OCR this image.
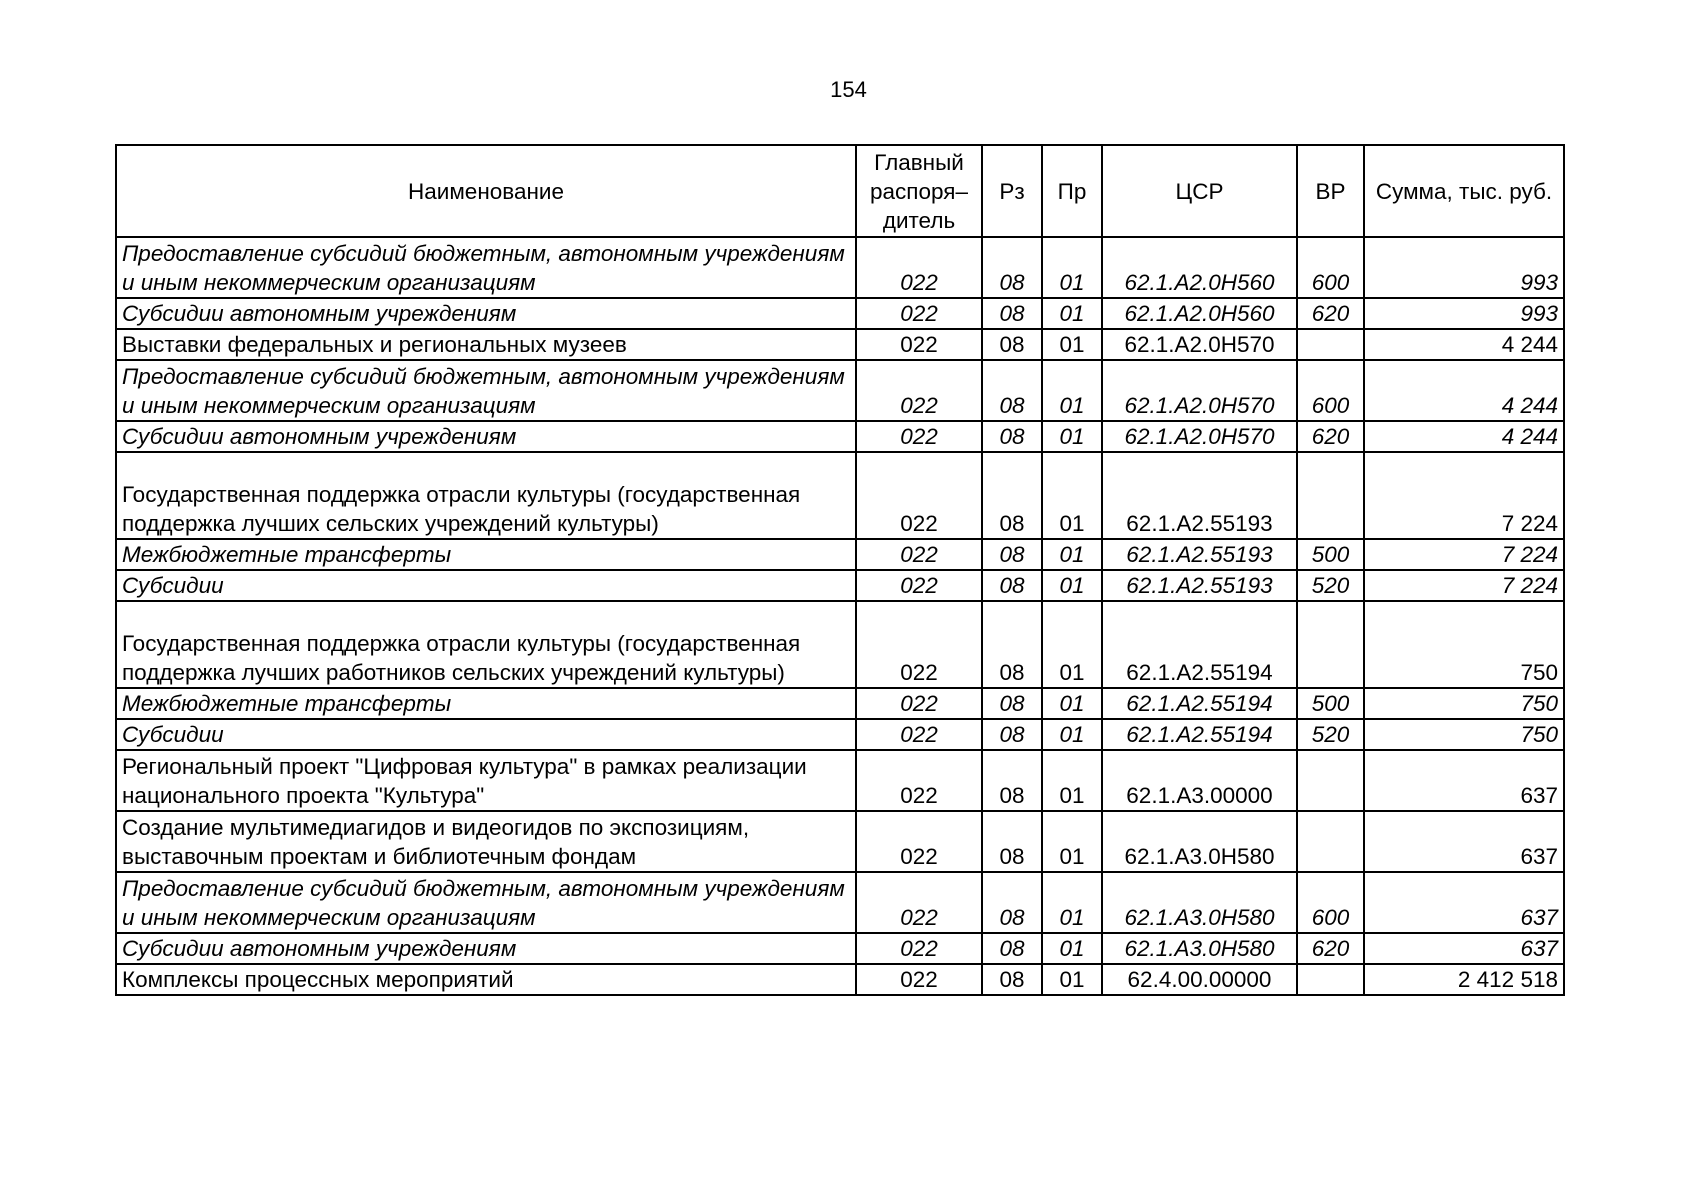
154
Наименование	Главный распоря– дитель	Рз	Пр	ЦСР	ВР	Сумма, тыс. руб.
Предоставление субсидий бюджетным, автономным учреждениям и иным некоммерческим организациям	022	08	01	62.1.А2.0Н560	600	993
Субсидии автономным учреждениям	022	08	01	62.1.А2.0Н560	620	993
Выставки федеральных и региональных музеев	022	08	01	62.1.А2.0Н570		4 244
Предоставление субсидий бюджетным, автономным учреждениям и иным некоммерческим организациям	022	08	01	62.1.А2.0Н570	600	4 244
Субсидии автономным учреждениям	022	08	01	62.1.А2.0Н570	620	4 244
Государственная поддержка отрасли культуры (государственная поддержка лучших сельских учреждений культуры)	022	08	01	62.1.А2.55193		7 224
Межбюджетные трансферты	022	08	01	62.1.А2.55193	500	7 224
Субсидии	022	08	01	62.1.А2.55193	520	7 224
Государственная поддержка отрасли культуры (государственная поддержка лучших работников сельских учреждений культуры)	022	08	01	62.1.А2.55194		750
Межбюджетные трансферты	022	08	01	62.1.А2.55194	500	750
Субсидии	022	08	01	62.1.А2.55194	520	750
Региональный проект "Цифровая культура" в рамках реализации национального проекта "Культура"	022	08	01	62.1.А3.00000		637
Создание мультимедиагидов и видеогидов по экспозициям, выставочным проектам и библиотечным фондам	022	08	01	62.1.А3.0Н580		637
Предоставление субсидий бюджетным, автономным учреждениям и иным некоммерческим организациям	022	08	01	62.1.А3.0Н580	600	637
Субсидии автономным учреждениям	022	08	01	62.1.А3.0Н580	620	637
Комплексы процессных мероприятий	022	08	01	62.4.00.00000		2 412 518
